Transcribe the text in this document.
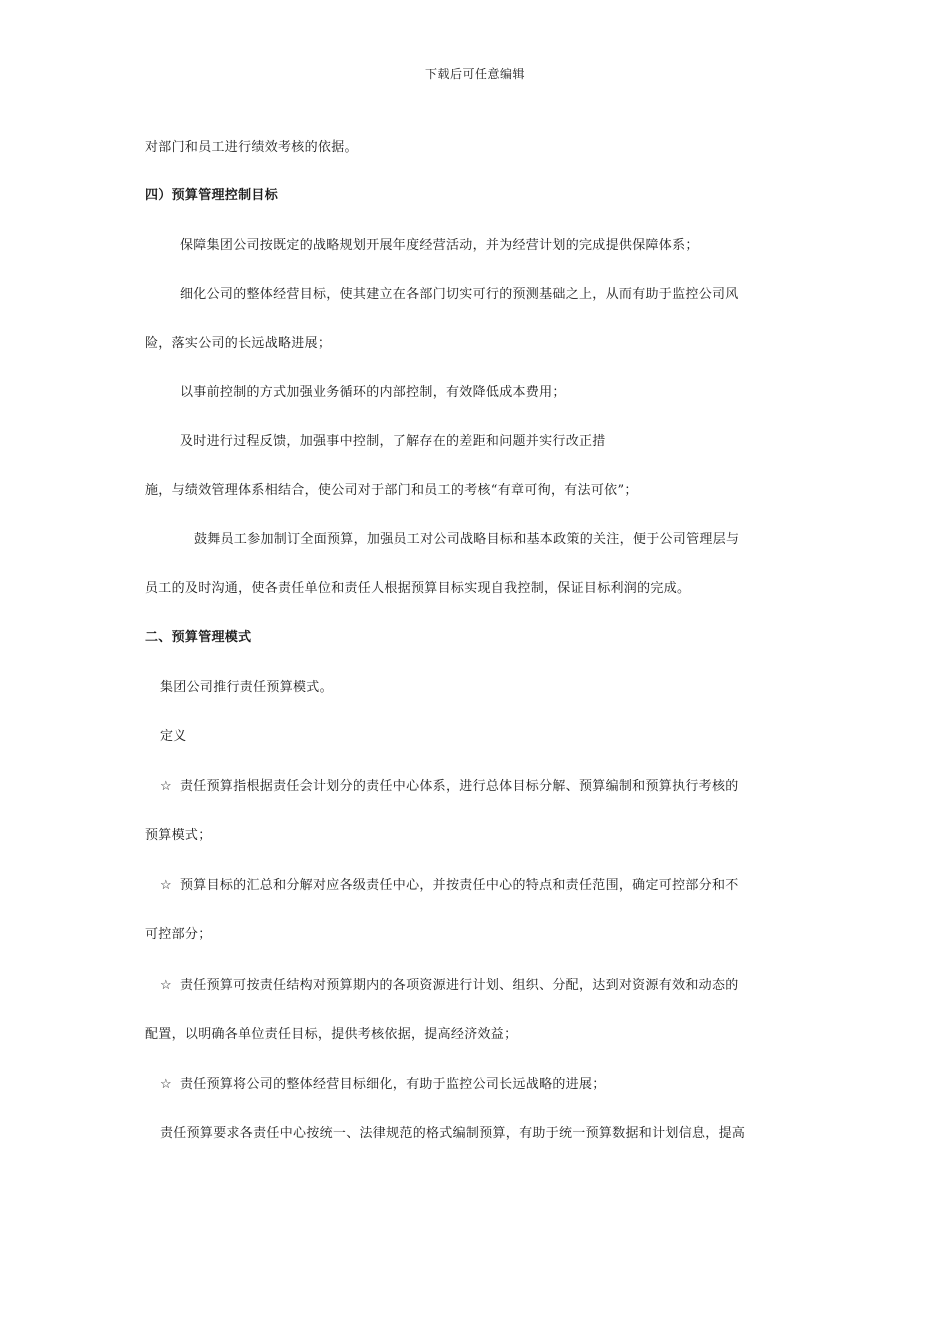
下载后可任意编辑
对部门和员工进行绩效考核的依据。
四）预算管理控制目标
保障集团公司按既定的战略规划开展年度经营活动，并为经营计划的完成提供保障体系；
细化公司的整体经营目标，使其建立在各部门切实可行的预测基础之上，从而有助于监控公司风
险，落实公司的长远战略进展；
以事前控制的方式加强业务循环的内部控制，有效降低成本费用；
及时进行过程反馈，加强事中控制，了解存在的差距和问题并实行改正措
施，与绩效管理体系相结合，使公司对于部门和员工的考核“有章可徇，有法可依”；
鼓舞员工参加制订全面预算，加强员工对公司战略目标和基本政策的关注，便于公司管理层与
员工的及时沟通，使各责任单位和责任人根据预算目标实现自我控制，保证目标利润的完成。
二、预算管理模式
集团公司推行责任预算模式。
定义
☆ 责任预算指根据责任会计划分的责任中心体系，进行总体目标分解、预算编制和预算执行考核的
预算模式；
☆ 预算目标的汇总和分解对应各级责任中心，并按责任中心的特点和责任范围，确定可控部分和不
可控部分；
☆ 责任预算可按责任结构对预算期内的各项资源进行计划、组织、分配，达到对资源有效和动态的
配置，以明确各单位责任目标，提供考核依据，提高经济效益；
☆ 责任预算将公司的整体经营目标细化，有助于监控公司长远战略的进展；
责任预算要求各责任中心按统一、法律规范的格式编制预算，有助于统一预算数据和计划信息，提高
